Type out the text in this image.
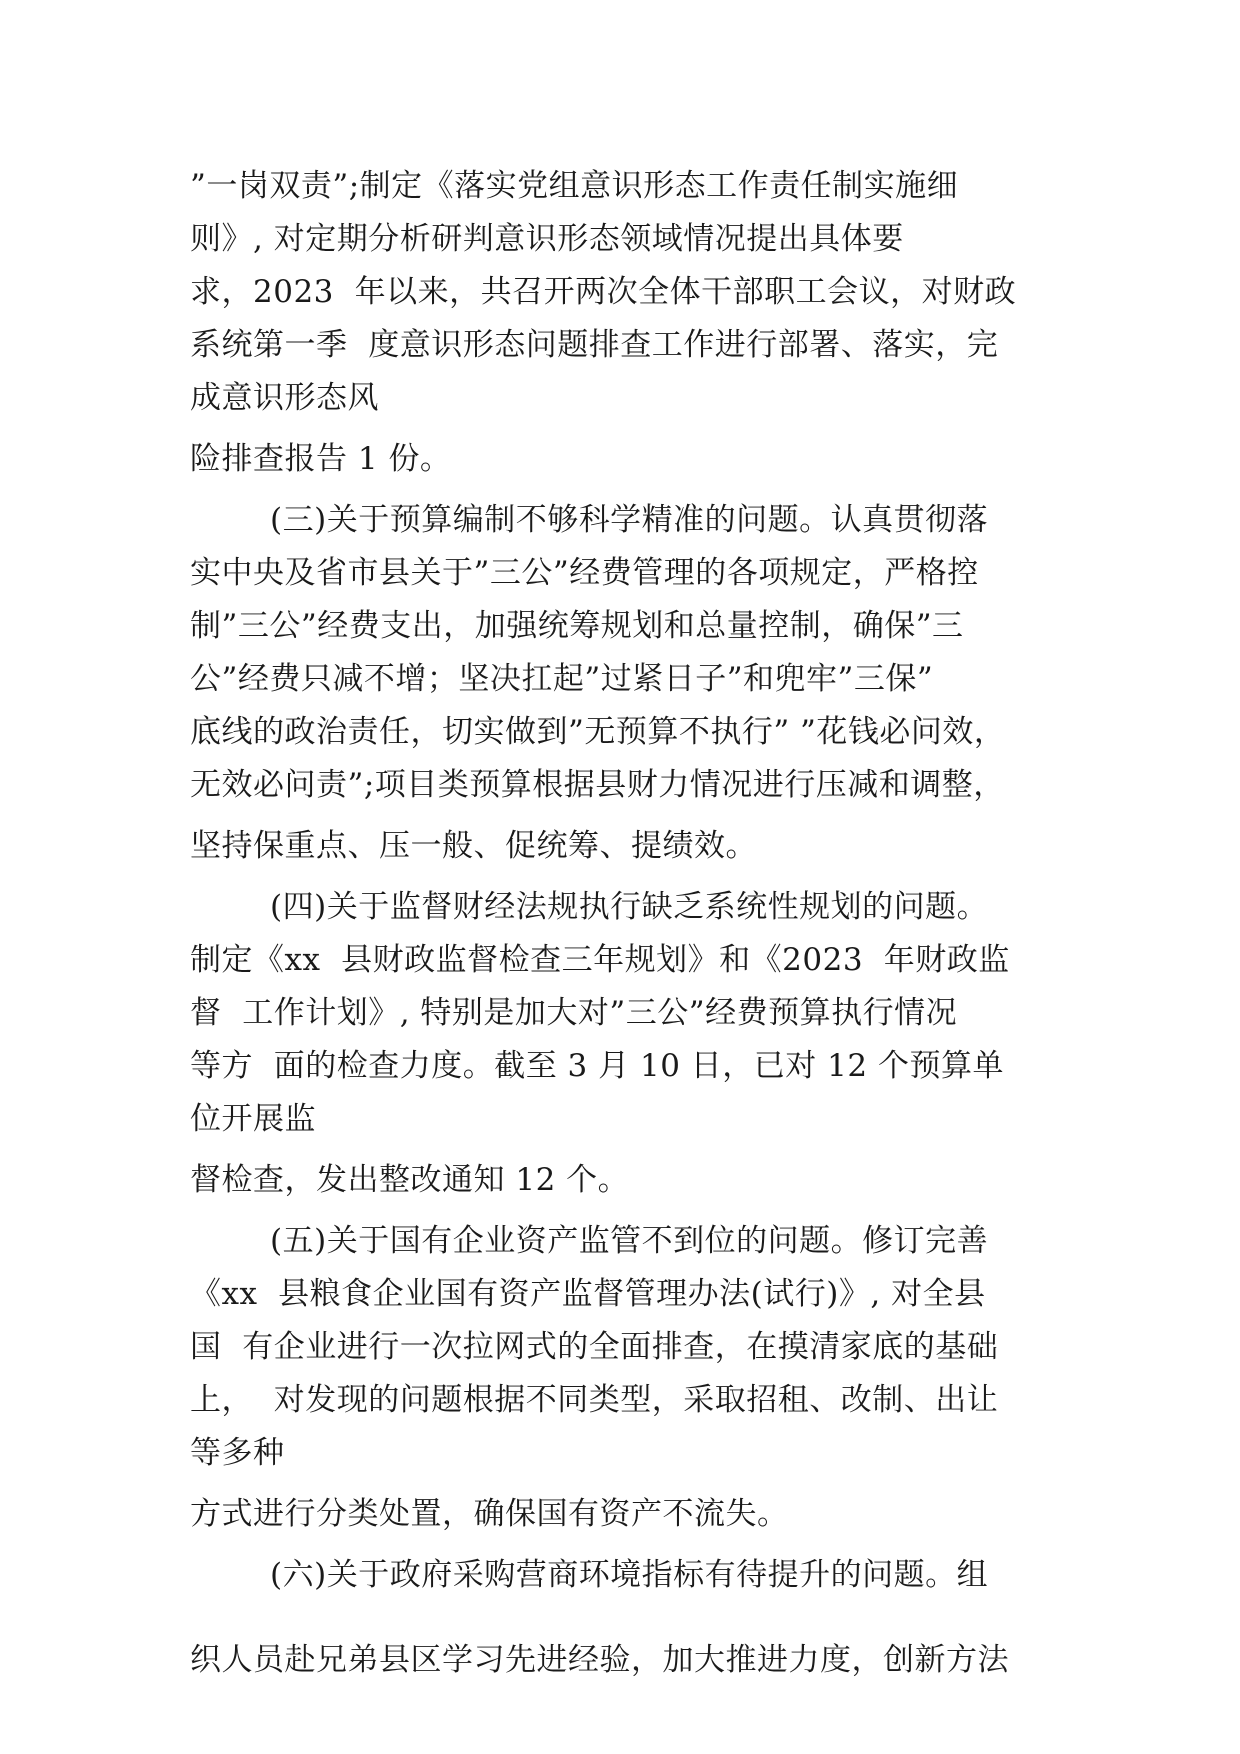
”一岗双责”;制定《落实党组意识形态工作责任制实施细
则》, 对定期分析研判意识形态领域情况提出具体要
求，2023  年以来，共召开两次全体干部职工会议，对财政
系统第一季  度意识形态问题排查工作进行部署、落实，完
成意识形态风
险排查报告 1 份。
(三)关于预算编制不够科学精准的问题。认真贯彻落
实中央及省市县关于”三公”经费管理的各项规定，严格控
制”三公”经费支出，加强统筹规划和总量控制，确保”三
公”经费只减不增；坚决扛起”过紧日子”和兜牢”三保”
底线的政治责任，切实做到”无预算不执行” ”花钱必问效，
无效必问责”;项目类预算根据县财力情况进行压减和调整，
坚持保重点、压一般、促统筹、提绩效。
(四)关于监督财经法规执行缺乏系统性规划的问题。
制定《xx  县财政监督检查三年规划》和《2023  年财政监
督  工作计划》, 特别是加大对”三公”经费预算执行情况
等方  面的检查力度。截至 3 月 10 日，已对 12 个预算单
位开展监
督检查，发出整改通知 12 个。
(五)关于国有企业资产监管不到位的问题。修订完善
《xx  县粮食企业国有资产监督管理办法(试行)》, 对全县
国  有企业进行一次拉网式的全面排查，在摸清家底的基础
上，  对发现的问题根据不同类型，采取招租、改制、出让
等多种
方式进行分类处置，确保国有资产不流失。
(六)关于政府采购营商环境指标有待提升的问题。组
织人员赴兄弟县区学习先进经验，加大推进力度，创新方法
